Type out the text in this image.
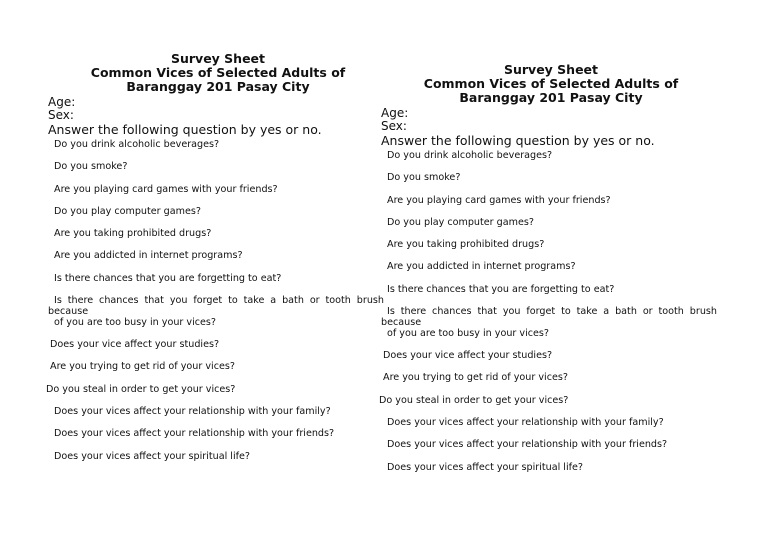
Survey Sheet
Common Vices of Selected Adults of
Baranggay 201 Pasay City
Age:
Sex:
Answer the following question by yes or no.
Do you drink alcoholic beverages?
Do you smoke?
Are you playing card games with your friends?
Do you play computer games?
Are you taking prohibited drugs?
Are you addicted in internet programs?
Is there chances that you are forgetting to eat?
Is there chances that you forget to take a bath or tooth brush
because
of you are too busy in your vices?
Does your vice affect your studies?
Are you trying to get rid of your vices?
Do you steal in order to get your vices?
Does your vices affect your relationship with your family?
Does your vices affect your relationship with your friends?
Does your vices affect your spiritual life?
Survey Sheet
Common Vices of Selected Adults of
Baranggay 201 Pasay City
Age:
Sex:
Answer the following question by yes or no.
Do you drink alcoholic beverages?
Do you smoke?
Are you playing card games with your friends?
Do you play computer games?
Are you taking prohibited drugs?
Are you addicted in internet programs?
Is there chances that you are forgetting to eat?
Is there chances that you forget to take a bath or tooth brush
because
of you are too busy in your vices?
Does your vice affect your studies?
Are you trying to get rid of your vices?
Do you steal in order to get your vices?
Does your vices affect your relationship with your family?
Does your vices affect your relationship with your friends?
Does your vices affect your spiritual life?
